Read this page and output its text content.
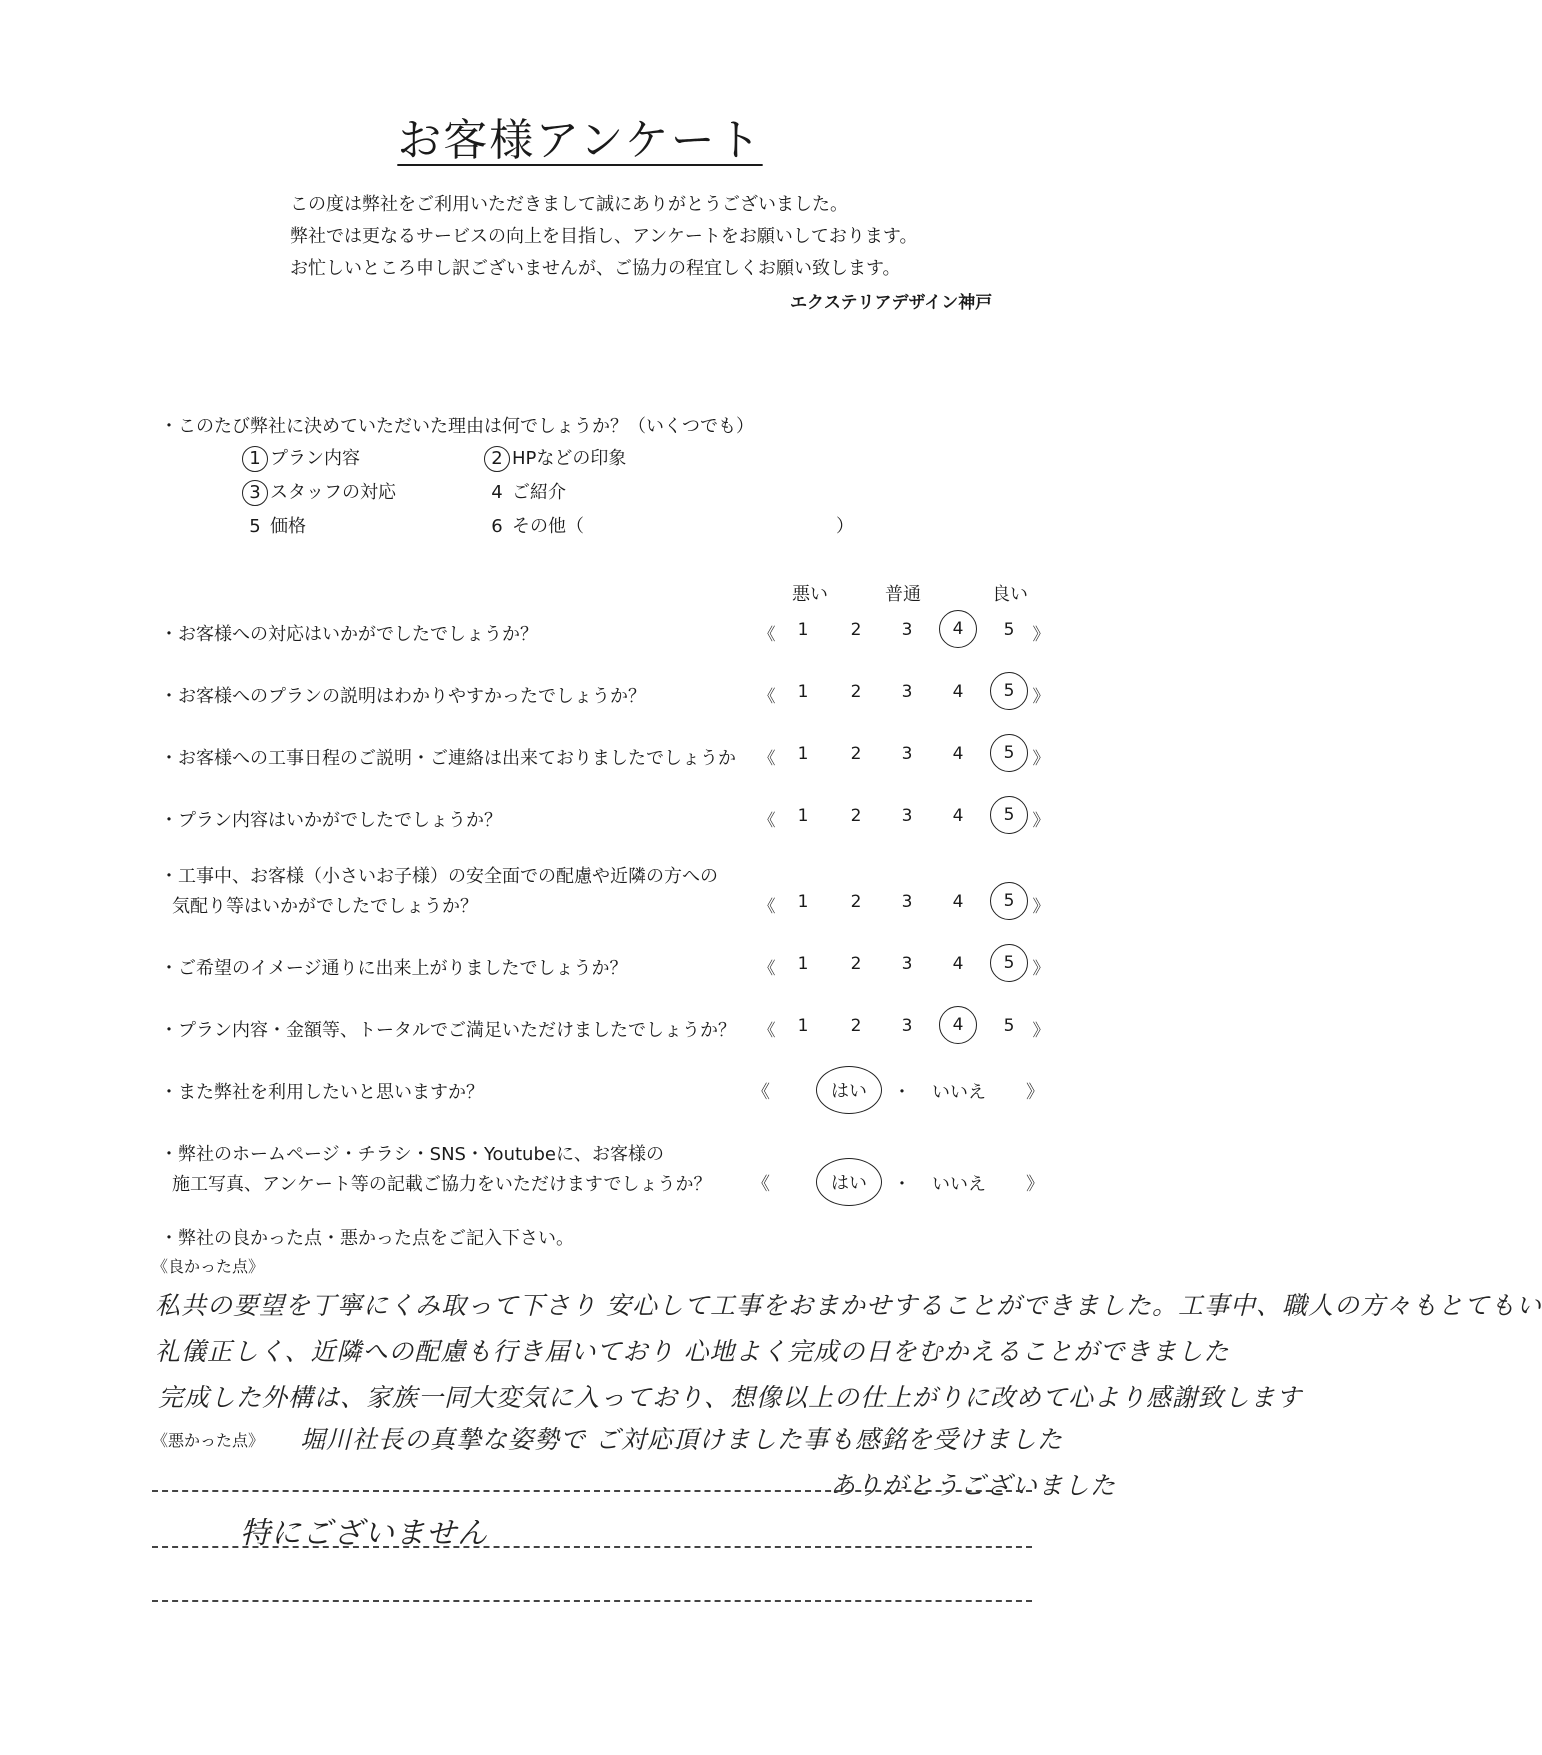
お客様アンケート
この度は弊社をご利用いただきまして誠にありがとうございました。
弊社では更なるサービスの向上を目指し、アンケートをお願いしております。
お忙しいところ申し訳ございませんが、ご協力の程宜しくお願い致します。
エクステリアデザイン神戸
・このたび弊社に決めていただいた理由は何でしょうか？（いくつでも）
1 プラン内容	2 HPなどの印象
3 スタッフの対応	4 ご紹介
5 価格	6 その他（	）
悪い	普通	良い
・お客様への対応はいかがでしたでしょうか？	《	1	2	3	4	5	》
・お客様へのプランの説明はわかりやすかったでしょうか？	《	1	2	3	4	5	》
・お客様への工事日程のご説明・ご連絡は出来ておりましたでしょうか	《	1	2	3	4	5	》
・プラン内容はいかがでしたでしょうか？	《	1	2	3	4	5	》
・工事中、お客様（小さいお子様）の安全面での配慮や近隣の方への
気配り等はいかがでしたでしょうか？	《	1	2	3	4	5	》
・ご希望のイメージ通りに出来上がりましたでしょうか？	《	1	2	3	4	5	》
・プラン内容・金額等、トータルでご満足いただけましたでしょうか？	《	1	2	3	4	5	》
・また弊社を利用したいと思いますか？	《	はい	・ いいえ 》
・弊社のホームページ・チラシ・SNS・Youtubeに、お客様の
施工写真、アンケート等の記載ご協力をいただけますでしょうか？ 《	はい	・ いいえ 》
・弊社の良かった点・悪かった点をご記入下さい。
《良かった点》
私共の要望を丁寧にくみ取って下さり 安心して工事をおまかせすることができました。工事中、職人の方々もとてもい
礼儀正しく、近隣への配慮も行き届いており 心地よく完成の日をむかえることができました
完成した外構は、家族一同大変気に入っており、想像以上の仕上がりに改めて心より感謝致します
《悪かった点》 堀川社長の真摯な姿勢で ご対応頂けました事も感銘を受けました
ありがとうございました
特にございません
